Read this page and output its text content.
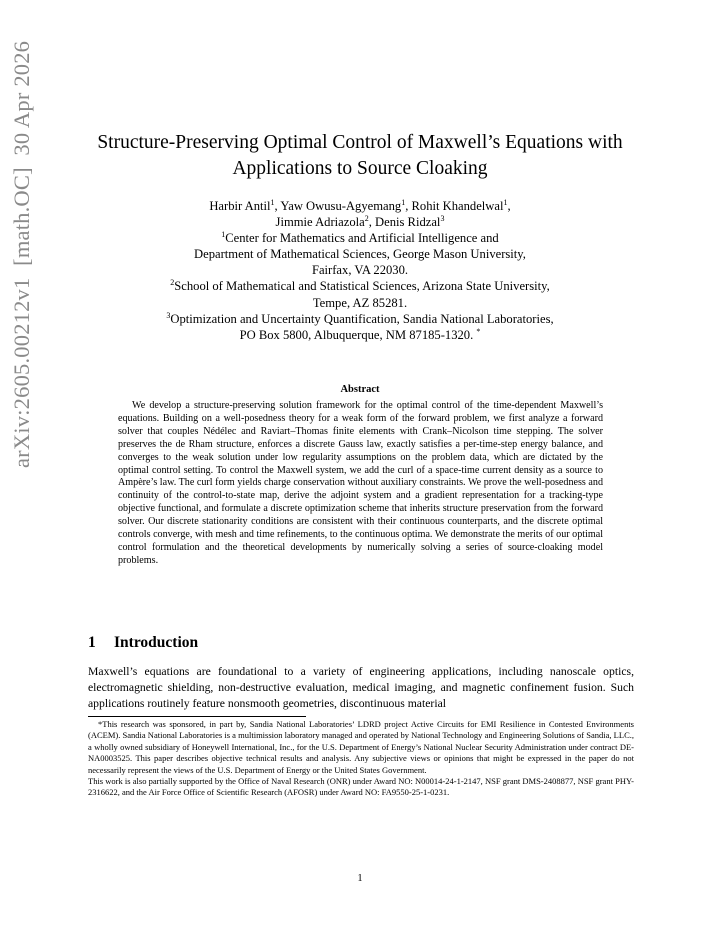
arXiv:2605.00212v1  [math.OC]  30 Apr 2026	Structure-Preserving Optimal Control of Maxwell’s Equations with
Applications to Source Cloaking
Harbir Antil$^1$, Yaw Owusu-Agyemang$^1$, Rohit Khandelwal$^1$,
Jimmie Adriazola$^2$, Denis Ridzal$^3$
$^1$Center for Mathematics and Artificial Intelligence and
Department of Mathematical Sciences, George Mason University,
Fairfax, VA 22030.
$^2$School of Mathematical and Statistical Sciences, Arizona State University,
Tempe, AZ 85281.
$^3$Optimization and Uncertainty Quantification, Sandia National Laboratories,
PO Box 5800, Albuquerque, NM 87185-1320. *
Abstract

We develop a structure-preserving solution framework for the optimal control of the time-dependent Maxwell’s equations. Building on a well-posedness theory for a weak form of the forward problem, we first analyze a forward solver that couples Nédélec and Raviart–Thomas finite elements with Crank–Nicolson time stepping. The solver preserves the de Rham structure, enforces a discrete Gauss law, exactly satisfies a per-time-step energy balance, and converges to the weak solution under low regularity assumptions on the problem data, which are dictated by the optimal control setting. To control the Maxwell system, we add the curl of a space-time current density as a source to Ampère’s law. The curl form yields charge conservation without auxiliary constraints. We prove the well-posedness and continuity of the control-to-state map, derive the adjoint system and a gradient representation for a tracking-type objective functional, and formulate a discrete optimization scheme that inherits structure preservation from the forward solver. Our discrete stationarity conditions are consistent with their continuous counterparts, and the discrete optimal controls converge, with mesh and time refinements, to the continuous optima. We demonstrate the merits of our optimal control formulation and the theoretical developments by numerically solving a series of source-cloaking model problems.

1 Introduction

Maxwell’s equations are foundational to a variety of engineering applications, including nanoscale optics, electromagnetic shielding, non-destructive evaluation, medical imaging, and magnetic confinement fusion. Such applications routinely feature nonsmooth geometries, discontinuous material

*This research was sponsored, in part by, Sandia National Laboratories’ LDRD project Active Circuits for EMI Resilience in Contested Environments (ACEM). Sandia National Laboratories is a multimission laboratory managed and operated by National Technology and Engineering Solutions of Sandia, LLC., a wholly owned subsidiary of Honeywell International, Inc., for the U.S. Department of Energy’s National Nuclear Security Administration under contract DE-NA0003525. This paper describes objective technical results and analysis. Any subjective views or opinions that might be expressed in the paper do not necessarily represent the views of the U.S. Department of Energy or the United States Government.

This work is also partially supported by the Office of Naval Research (ONR) under Award NO: N00014-24-1-2147, NSF grant DMS-2408877, NSF grant PHY-2316622, and the Air Force Office of Scientific Research (AFOSR) under Award NO: FA9550-25-1-0231.

1
